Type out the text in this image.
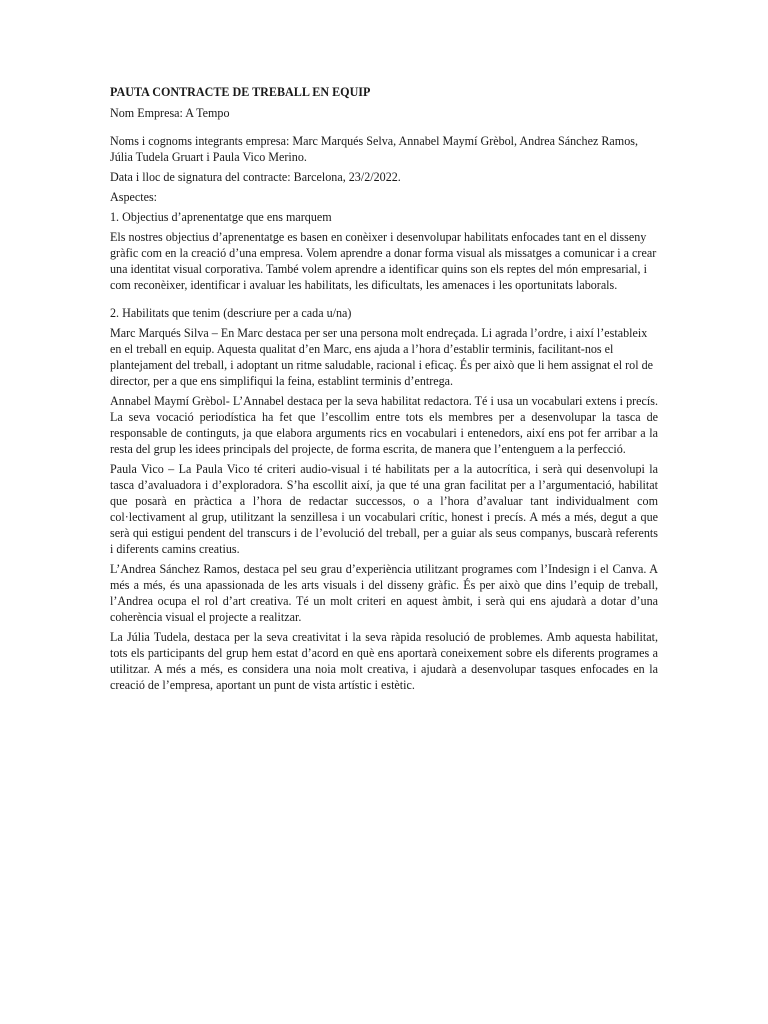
PAUTA CONTRACTE DE TREBALL EN EQUIP
Nom Empresa: A Tempo
Noms i cognoms integrants empresa: Marc Marqués Selva, Annabel Maymí Grèbol, Andrea Sánchez Ramos, Júlia Tudela Gruart i Paula Vico Merino.
Data i lloc de signatura del contracte: Barcelona, 23/2/2022.
Aspectes:
1. Objectius d’aprenentatge que ens marquem
Els nostres objectius d’aprenentatge es basen en conèixer i desenvolupar habilitats enfocades tant en el disseny gràfic com en la creació d’una empresa. Volem aprendre a donar forma visual als missatges a comunicar i a crear una identitat visual corporativa. També volem aprendre a identificar quins son els reptes del món empresarial, i com reconèixer, identificar i avaluar les habilitats, les dificultats, les amenaces i les oportunitats laborals.
2. Habilitats que tenim (descriure per a cada u/na)
Marc Marqués Silva – En Marc destaca per ser una persona molt endreçada. Li agrada l’ordre, i així l’estableix en el treball en equip. Aquesta qualitat d’en Marc, ens ajuda a l’hora d’establir terminis, facilitant-nos el plantejament del treball, i adoptant un ritme saludable, racional i eficaç. És per això que li hem assignat el rol de director, per a que ens simplifiqui la feina, establint terminis d’entrega.
Annabel Maymí Grèbol- L’Annabel destaca per la seva habilitat redactora. Té i usa un vocabulari extens i precís. La seva vocació periodística ha fet que l’escollim entre tots els membres per a desenvolupar la tasca de responsable de continguts, ja que elabora arguments rics en vocabulari i entenedors, així ens pot fer arribar a la resta del grup les idees principals del projecte, de forma escrita, de manera que l’entenguem a la perfecció.
Paula Vico – La Paula Vico té criteri audio-visual i té habilitats per a la autocrítica, i serà qui desenvolupi la tasca d’avaluadora i d’exploradora. S’ha escollit així, ja que té una gran facilitat per a l’argumentació, habilitat que posarà en pràctica a l’hora de redactar successos, o a l’hora d’avaluar tant individualment com col·lectivament al grup, utilitzant la senzillesa i un vocabulari crític, honest i precís. A més a més, degut a que serà qui estigui pendent del transcurs i de l’evolució del treball, per a guiar als seus companys, buscarà referents i diferents camins creatius.
L’Andrea Sánchez Ramos, destaca pel seu grau d’experiència utilitzant programes com l’Indesign i el Canva. A més a més, és una apassionada de les arts visuals i del disseny gràfic. És per això que dins l’equip de treball, l’Andrea ocupa el rol d’art creativa. Té un molt criteri en aquest àmbit, i serà qui ens ajudarà a dotar d’una coherència visual el projecte a realitzar.
La Júlia Tudela, destaca per la seva creativitat i la seva ràpida resolució de problemes. Amb aquesta habilitat, tots els participants del grup hem estat d’acord en què ens aportarà coneixement sobre els diferents programes a utilitzar. A més a més, es considera una noia molt creativa, i ajudarà a desenvolupar tasques enfocades en la creació de l’empresa, aportant un punt de vista artístic i estètic.
